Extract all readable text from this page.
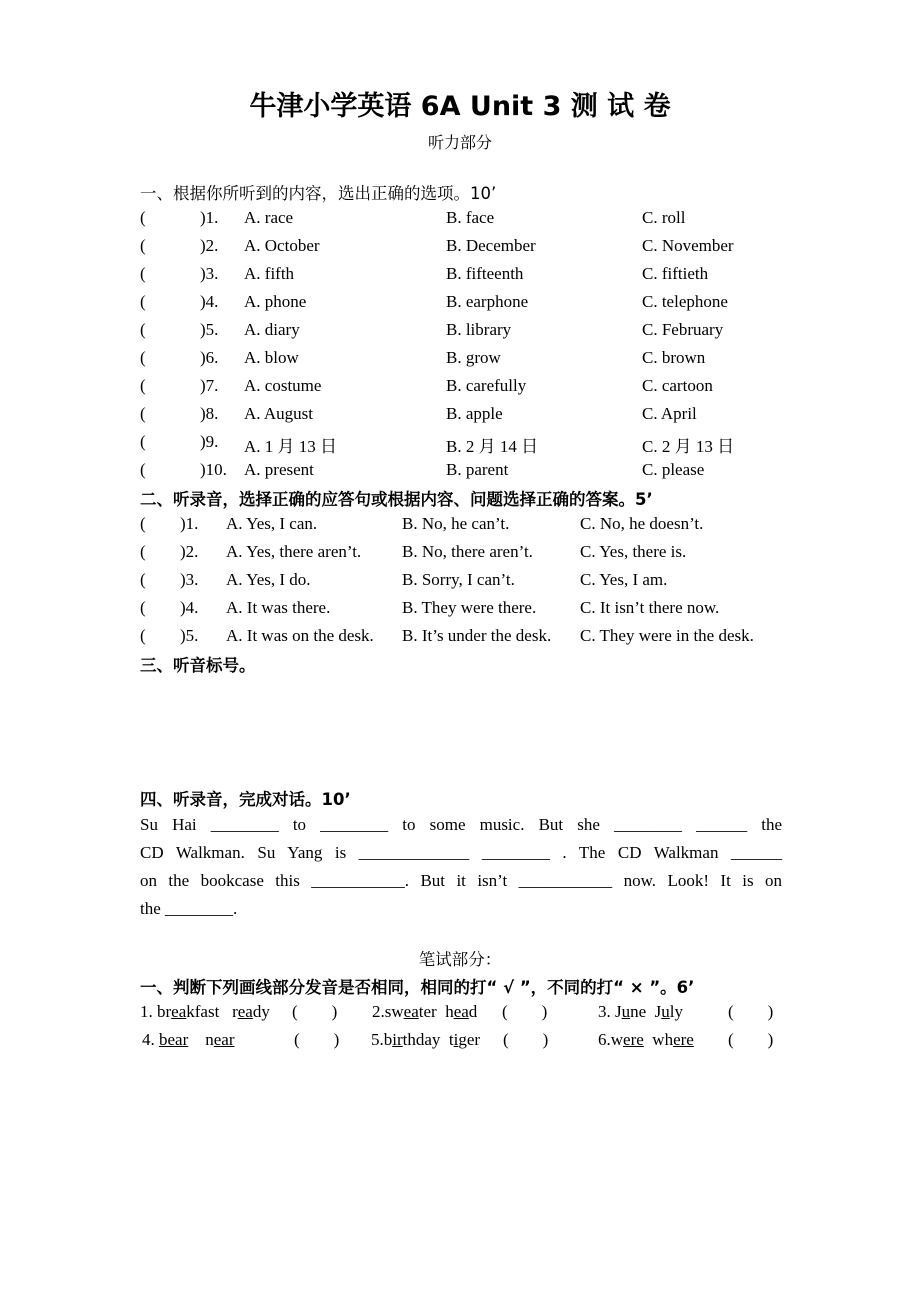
牛津小学英语 6A Unit 3 测 试 卷
听力部分
一、根据你所听到的内容，选出正确的选项。10’
二、听录音，选择正确的应答句或根据内容、问题选择正确的答案。5’
三、听音标号。
四、听录音，完成对话。10’
Su Hai ________ to ________ to some music. But she ________ ______ the
CD Walkman. Su Yang is _____________ ________ . The CD Walkman ______
on the bookcase this ___________. But it isn’t ___________ now. Look! It is on
the ________.
笔试部分：
一、判断下列画线部分发音是否相同，相同的打“ √ ”，不同的打“ × ”。6’
(	)1. A. race	B. face	C. roll
(	)2. A. October	B. December	C. November
(	)3. A. fifth	B. fifteenth	C. fiftieth
(	)4. A. phone	B. earphone	C. telephone
(	)5. A. diary	B. library	C. February
(	)6. A. blow	B. grow	C. brown
(	)7. A. costume	B. carefully	C. cartoon
(	)8. A. August	B. apple	C. April
(	)9. A. 1 月 13 日	B. 2 月 14 日	C. 2 月 13 日
(	)10. A. present	B. parent	C. please
( )1. A. Yes, I can.	B. No, he can’t.	C. No, he doesn’t.
( )2. A. Yes, there aren’t. B. No, there aren’t.	C. Yes, there is.
( )3. A. Yes, I do.	B. Sorry, I can’t.	C. Yes, I am.
( )4. A. It was there.	B. They were there.	C. It isn’t there now.
( )5. A. It was on the desk. B. It’s under the desk. C. They were in the desk.
1. breakfast ready (        ) 2.sweater head (        )	3. June July	(        )
4. bear near	(        ) 5.birthday tiger (        )	6.were where (        )
